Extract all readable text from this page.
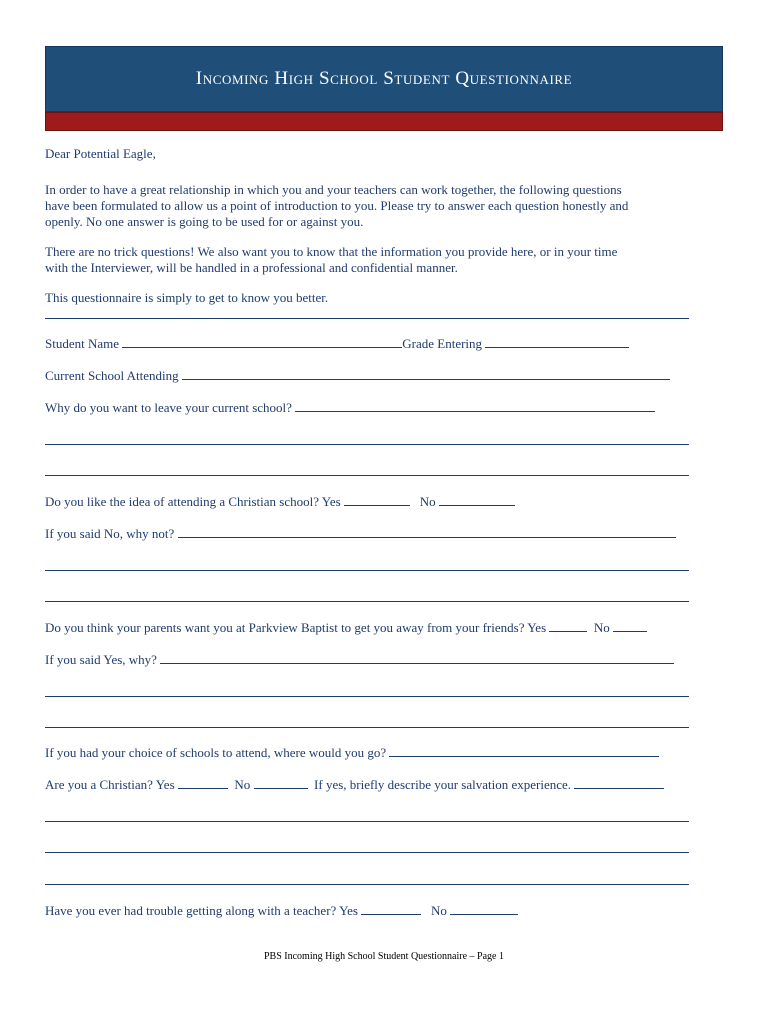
Incoming High School Student Questionnaire
Dear Potential Eagle,
In order to have a great relationship in which you and your teachers can work together, the following questions
have been formulated to allow us a point of introduction to you. Please try to answer each question honestly and
openly. No one answer is going to be used for or against you.
There are no trick questions! We also want you to know that the information you provide here, or in your time
with the Interviewer, will be handled in a professional and confidential manner.
This questionnaire is simply to get to know you better.
Student Name	Grade Entering
Current School Attending
Why do you want to leave your current school?
Do you like the idea of attending a Christian school? Yes	No
If you said No, why not?
Do you think your parents want you at Parkview Baptist to get you away from your friends? Yes	No
If you said Yes, why?
If you had your choice of schools to attend, where would you go?
Are you a Christian? Yes	No	If yes, briefly describe your salvation experience.
Have you ever had trouble getting along with a teacher? Yes	No
PBS Incoming High School Student Questionnaire – Page 1
